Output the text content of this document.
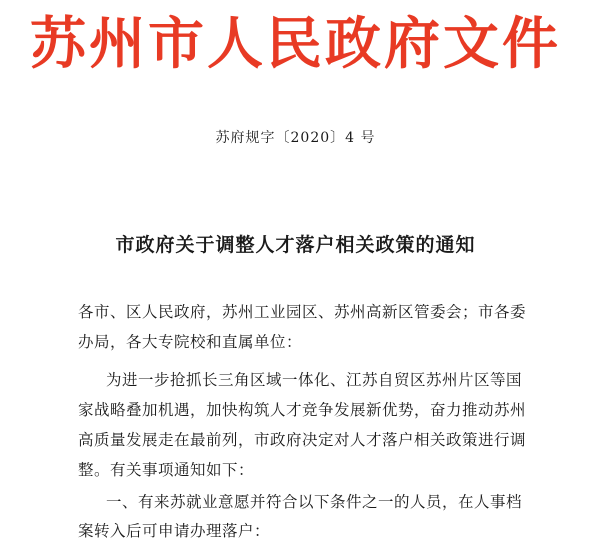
苏州市人民政府文件
苏府规字〔2020〕4 号
市政府关于调整人才落户相关政策的通知
各市、区人民政府，苏州工业园区、苏州高新区管委会；市各委
办局，各大专院校和直属单位：
为进一步抢抓长三角区域一体化、江苏自贸区苏州片区等国
家战略叠加机遇，加快构筑人才竞争发展新优势，奋力推动苏州
高质量发展走在最前列，市政府决定对人才落户相关政策进行调
整。有关事项通知如下：
一、有来苏就业意愿并符合以下条件之一的人员，在人事档
案转入后可申请办理落户：
